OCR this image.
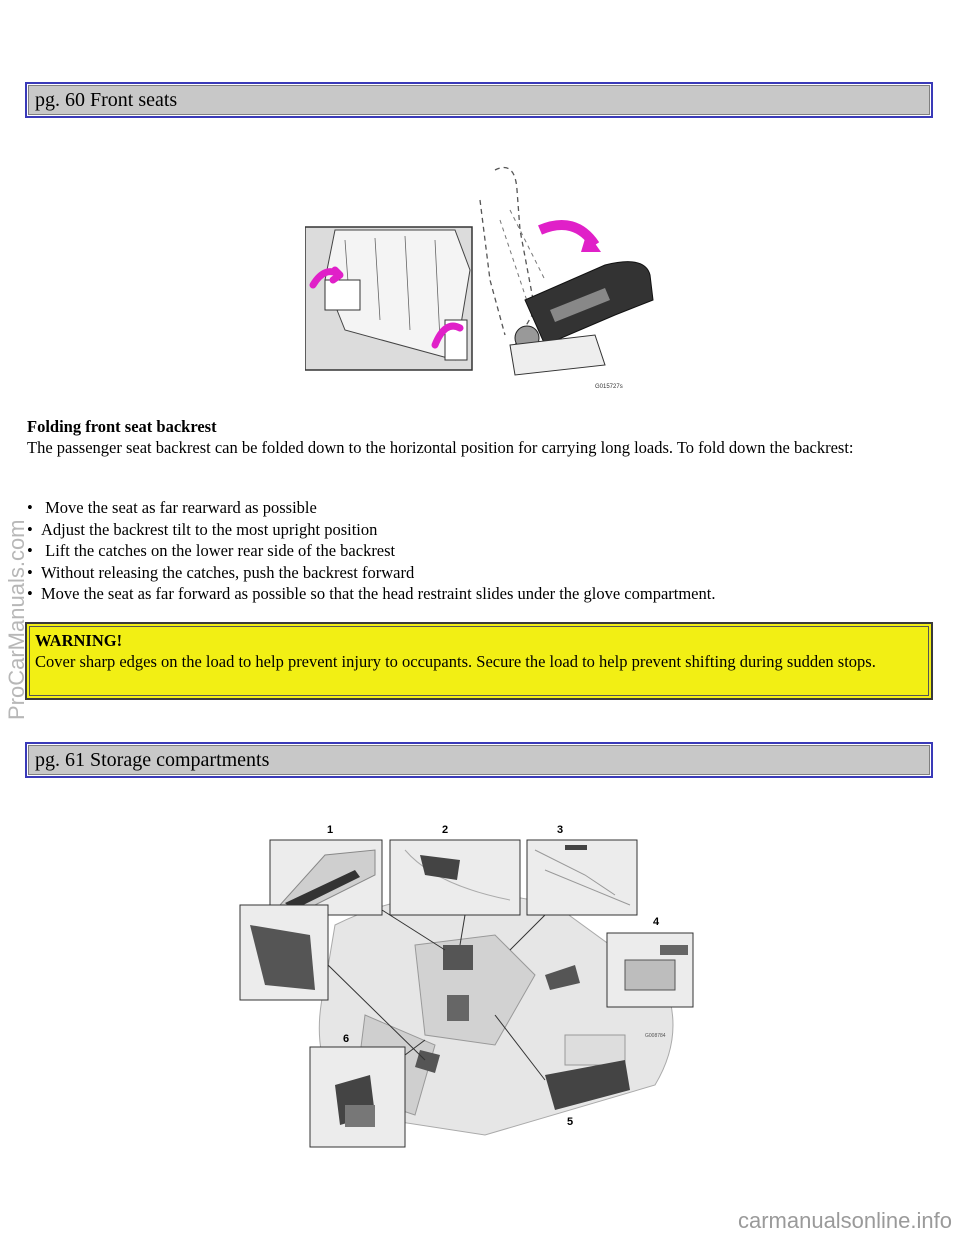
pg. 60 Front seats
G015727s
Folding front seat backrest
The passenger seat backrest can be folded down to the horizontal position for carrying long loads. To fold down the backrest:
• Move the seat as far rearward as possible
• Adjust the backrest tilt to the most upright position
• Lift the catches on the lower rear side of the backrest
• Without releasing the catches, push the backrest forward
• Move the seat as far forward as possible so that the head restraint slides under the glove compartment.
WARNING!
Cover sharp edges on the load to help prevent injury to occupants. Secure the load to help prevent shifting during sudden stops.
pg. 61 Storage compartments
1	2	3
4
6
5
G008784
ProCarManuals.com
carmanualsonline.info
